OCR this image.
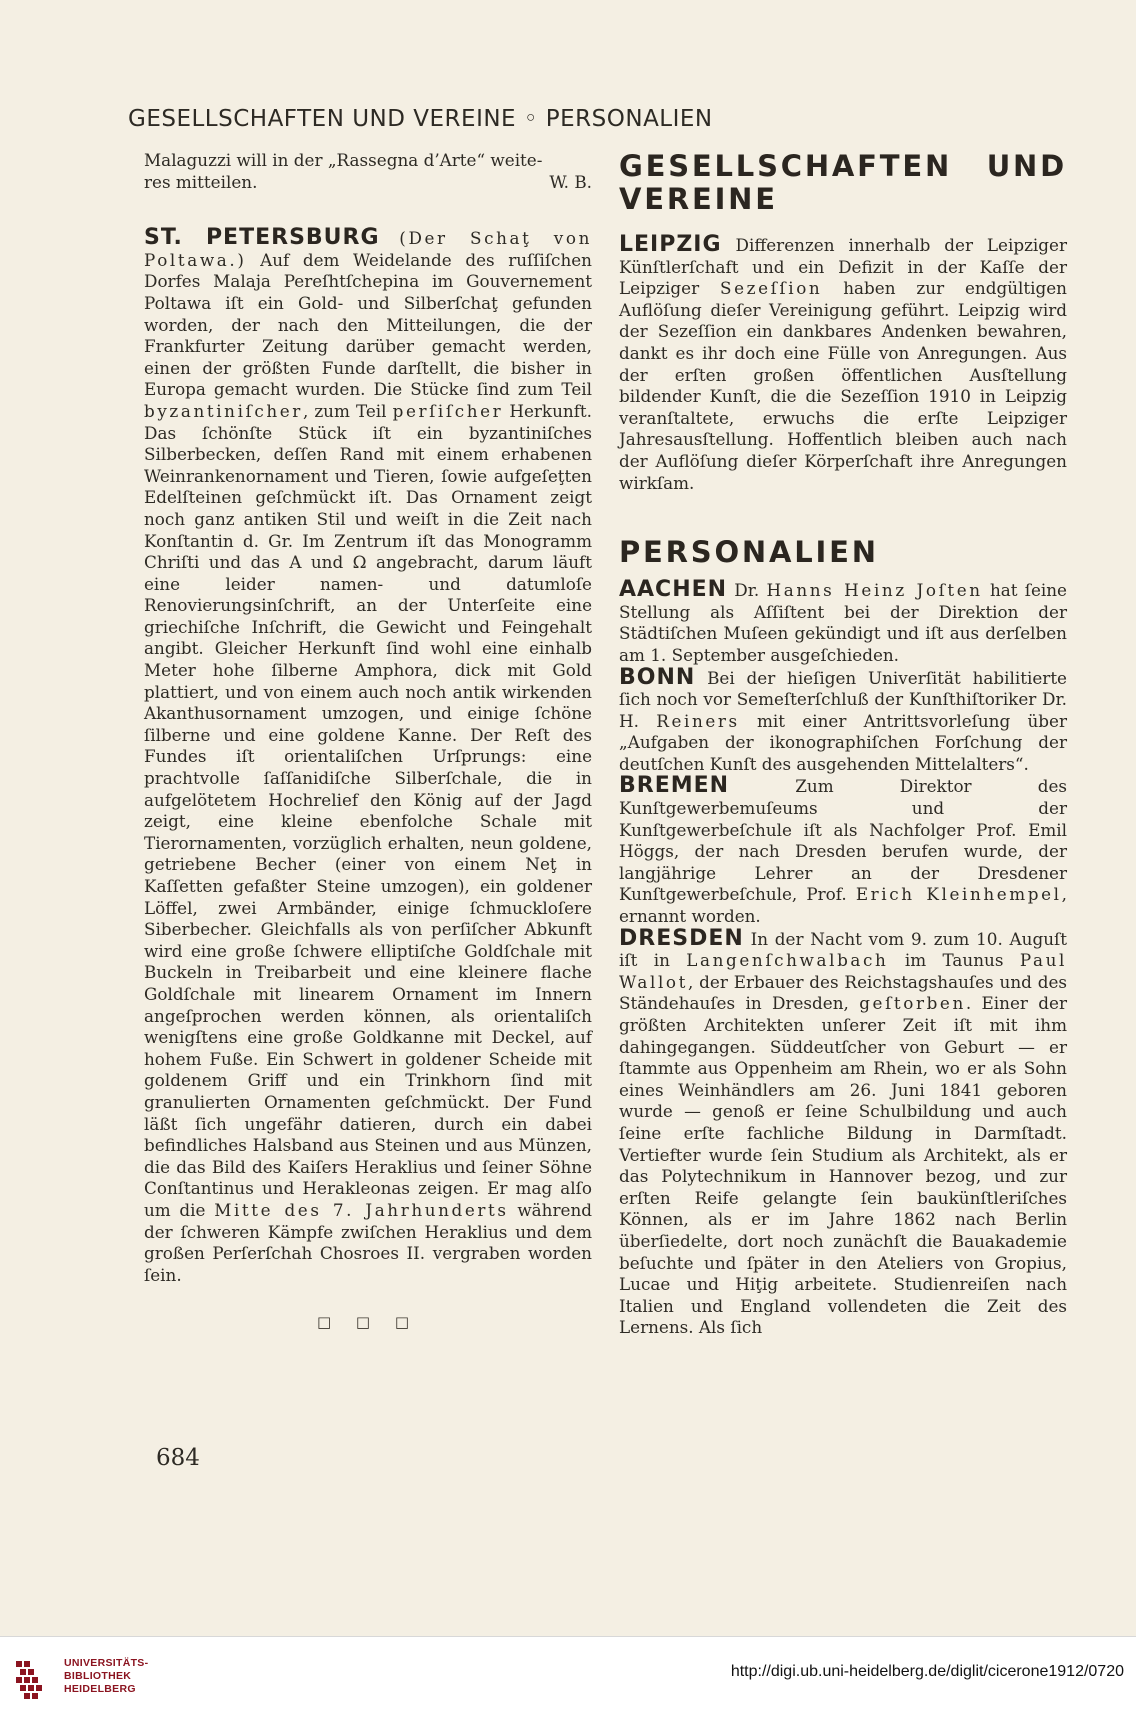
GESELLSCHAFTEN UND VEREINE ◦ PERSONALIEN

Malaguzzi will in der „Rassegna d’Arte“ weite-
res mitteilen.	W. B.

ST. PETERSBURG (Der Schaţ von Poltawa.) Auf dem Weidelande des ruſſiſchen Dorfes Malaja Pereſhtſchepina im Gouvernement Poltawa iſt ein Gold- und Silberſchaţ gefunden worden, der nach den Mitteilungen, die der Frankfurter Zeitung darüber gemacht werden, einen der größten Funde darſtellt, die bisher in Europa gemacht wurden. Die Stücke ſind zum Teil byzantiniſcher, zum Teil perſiſcher Herkunft. Das ſchönſte Stück iſt ein byzantiniſches Silberbecken, deſſen Rand mit einem erhabenen Weinrankenornament und Tieren, ſowie aufgeſeţten Edelſteinen geſchmückt iſt. Das Ornament zeigt noch ganz antiken Stil und weiſt in die Zeit nach Konſtantin d. Gr. Im Zentrum iſt das Monogramm Chriſti und das Α und Ω angebracht, darum läuft eine leider namen- und datumloſe Renovierungsinſchrift, an der Unterſeite eine griechiſche Inſchrift, die Gewicht und Feingehalt angibt. Gleicher Herkunft ſind wohl eine einhalb Meter hohe ſilberne Amphora, dick mit Gold plattiert, und von einem auch noch antik wirkenden Akanthusornament umzogen, und einige ſchöne ſilberne und eine goldene Kanne. Der Reſt des Fundes iſt orientaliſchen Urſprungs: eine prachtvolle ſaſſanidiſche Silberſchale, die in aufgelötetem Hochrelief den König auf der Jagd zeigt, eine kleine ebenfolche Schale mit Tierornamenten, vorzüglich erhalten, neun goldene, getriebene Becher (einer von einem Neţ in Kaſſetten gefaßter Steine umzogen), ein goldener Löffel, zwei Armbänder, einige ſchmuckloſere Siberbecher. Gleichfalls als von perſiſcher Abkunft wird eine große ſchwere elliptiſche Goldſchale mit Buckeln in Treibarbeit und eine kleinere flache Goldſchale mit linearem Ornament im Innern angeſprochen werden können, als orientaliſch wenigſtens eine große Goldkanne mit Deckel, auf hohem Fuße. Ein Schwert in goldener Scheide mit goldenem Griff und ein Trinkhorn ſind mit granulierten Ornamenten geſchmückt. Der Fund läßt ſich ungefähr datieren, durch ein dabei befindliches Halsband aus Steinen und aus Münzen, die das Bild des Kaiſers Heraklius und ſeiner Söhne Conſtantinus und Herakleonas zeigen. Er mag alſo um die Mitte des 7. Jahrhunderts während der ſchweren Kämpfe zwiſchen Heraklius und dem großen Perſerſchah Chosroes II. vergraben worden ſein.

□ □ □
GESELLSCHAFTEN UND VEREINE

LEIPZIG Differenzen innerhalb der Leipziger Künſtlerſchaft und ein Defizit in der Kaſſe der Leipziger Sezeſſion haben zur endgültigen Auflöſung dieſer Vereinigung geführt. Leipzig wird der Sezeſſion ein dankbares Andenken bewahren, dankt es ihr doch eine Fülle von Anregungen. Aus der erſten großen öffentlichen Ausſtellung bildender Kunſt, die die Sezeſſion 1910 in Leipzig veranſtaltete, erwuchs die erſte Leipziger Jahresausſtellung. Hoffentlich bleiben auch nach der Auflöſung dieſer Körperſchaft ihre Anregungen wirkſam.

PERSONALIEN

AACHEN Dr. Hanns Heinz Joſten hat ſeine Stellung als Aſſiſtent bei der Direktion der Städtiſchen Muſeen gekündigt und iſt aus derſelben am 1. September ausgeſchieden.

BONN Bei der hieſigen Univerſität habilitierte ſich noch vor Semeſterſchluß der Kunſthiſtoriker Dr. H. Reiners mit einer Antrittsvorleſung über „Aufgaben der ikonographiſchen Forſchung der deutſchen Kunſt des ausgehenden Mittelalters“.

BREMEN Zum Direktor des Kunſtgewerbemuſeums und der Kunſtgewerbeſchule iſt als Nachfolger Prof. Emil Höggs, der nach Dresden berufen wurde, der langjährige Lehrer an der Dresdener Kunſtgewerbeſchule, Prof. Erich Kleinhempel, ernannt worden.

DRESDEN In der Nacht vom 9. zum 10. Auguſt iſt in Langenſchwalbach im Taunus Paul Wallot, der Erbauer des Reichstagshauſes und des Ständehauſes in Dresden, geſtorben. Einer der größten Architekten unſerer Zeit iſt mit ihm dahingegangen. Süddeutſcher von Geburt — er ſtammte aus Oppenheim am Rhein, wo er als Sohn eines Weinhändlers am 26. Juni 1841 geboren wurde — genoß er ſeine Schulbildung und auch ſeine erſte fachliche Bildung in Darmſtadt. Vertiefter wurde ſein Studium als Architekt, als er das Polytechnikum in Hannover bezog, und zur erſten Reife gelangte ſein baukünſtleriſches Können, als er im Jahre 1862 nach Berlin überſiedelte, dort noch zunächſt die Bauakademie beſuchte und ſpäter in den Ateliers von Gropius, Lucae und Hiţig arbeitete. Studienreiſen nach Italien und England vollendeten die Zeit des Lernens. Als ſich

684
UNIVERSITÄTS-
BIBLIOTHEK
HEIDELBERG
http://digi.ub.uni-heidelberg.de/diglit/cicerone1912/0720
